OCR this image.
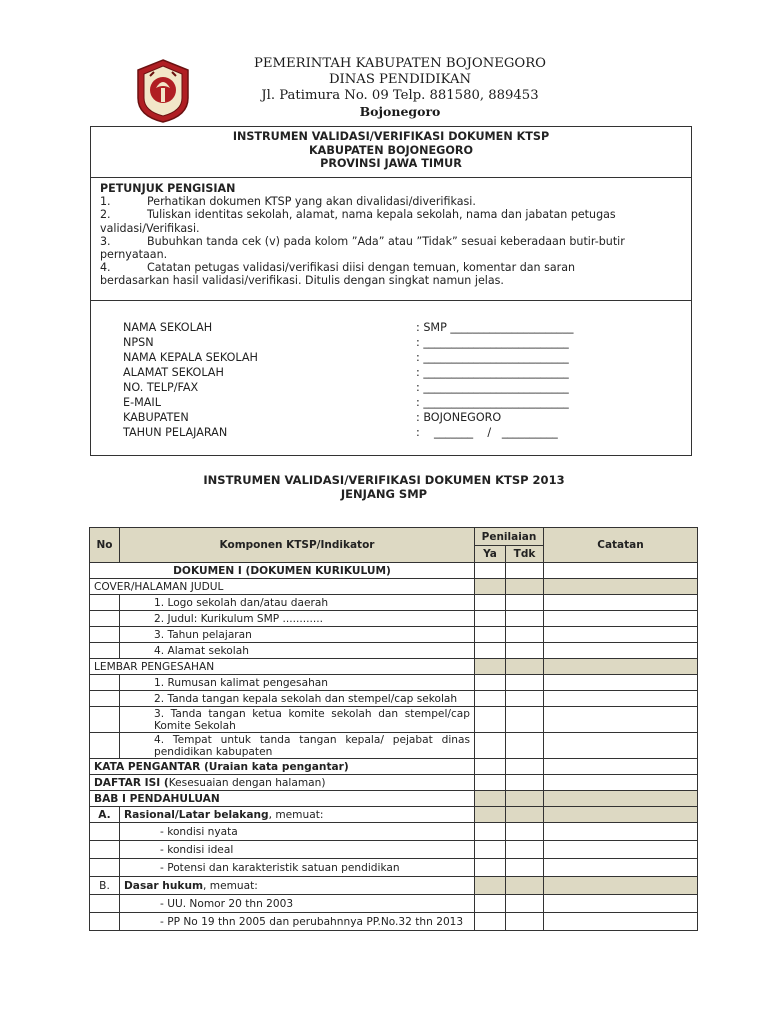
PEMERINTAH KABUPATEN BOJONEGORO
DINAS PENDIDIKAN
Jl. Patimura No. 09 Telp. 881580, 889453
Bojonegoro
INSTRUMEN VALIDASI/VERIFIKASI DOKUMEN KTSP
KABUPATEN BOJONEGORO
PROVINSI JAWA TIMUR
PETUNJUK PENGISIAN
1.	Perhatikan dokumen KTSP yang akan divalidasi/diverifikasi.
2.	Tuliskan identitas sekolah, alamat, nama kepala sekolah, nama dan jabatan petugas
validasi/Verifikasi.
3.	Bubuhkan tanda cek (v) pada kolom ”Ada” atau ”Tidak” sesuai keberadaan butir-butir
pernyataan.
4.	Catatan petugas validasi/verifikasi diisi dengan temuan, komentar dan saran
berdasarkan hasil validasi/verifikasi. Ditulis dengan singkat namun jelas.
NAMA SEKOLAH	: SMP ______________________
NPSN	: __________________________
NAMA KEPALA SEKOLAH	: __________________________
ALAMAT SEKOLAH	: __________________________
NO. TELP/FAX	: __________________________
E-MAIL	: __________________________
KABUPATEN	: BOJONEGORO
TAHUN PELAJARAN	:    _______    /   __________
INSTRUMEN VALIDASI/VERIFIKASI DOKUMEN KTSP 2013
JENJANG SMP
No	Komponen KTSP/Indikator	Penilaian		Catatan
		Ya	Tdk	
DOKUMEN I (DOKUMEN KURIKULUM)				
COVER/HALAMAN JUDUL				
	1. Logo sekolah dan/atau daerah			
	2. Judul: Kurikulum SMP ............			
	3. Tahun pelajaran			
	4. Alamat sekolah			
LEMBAR PENGESAHAN				
	1. Rumusan kalimat pengesahan			
	2. Tanda tangan kepala sekolah dan stempel/cap sekolah			
	3. Tanda tangan ketua komite sekolah dan stempel/cap Komite Sekolah			
	4. Tempat untuk tanda tangan kepala/ pejabat dinas pendidikan kabupaten			
KATA PENGANTAR (Uraian kata pengantar)				
DAFTAR ISI (Kesesuaian dengan halaman)				
BAB I PENDAHULUAN				
A.	Rasional/Latar belakang, memuat:			
	- kondisi nyata			
	- kondisi ideal			
	- Potensi dan karakteristik satuan pendidikan			
B.	Dasar hukum, memuat:			
	- UU. Nomor 20 thn 2003			
	- PP No 19 thn 2005 dan perubahnnya PP.No.32 thn 2013			
